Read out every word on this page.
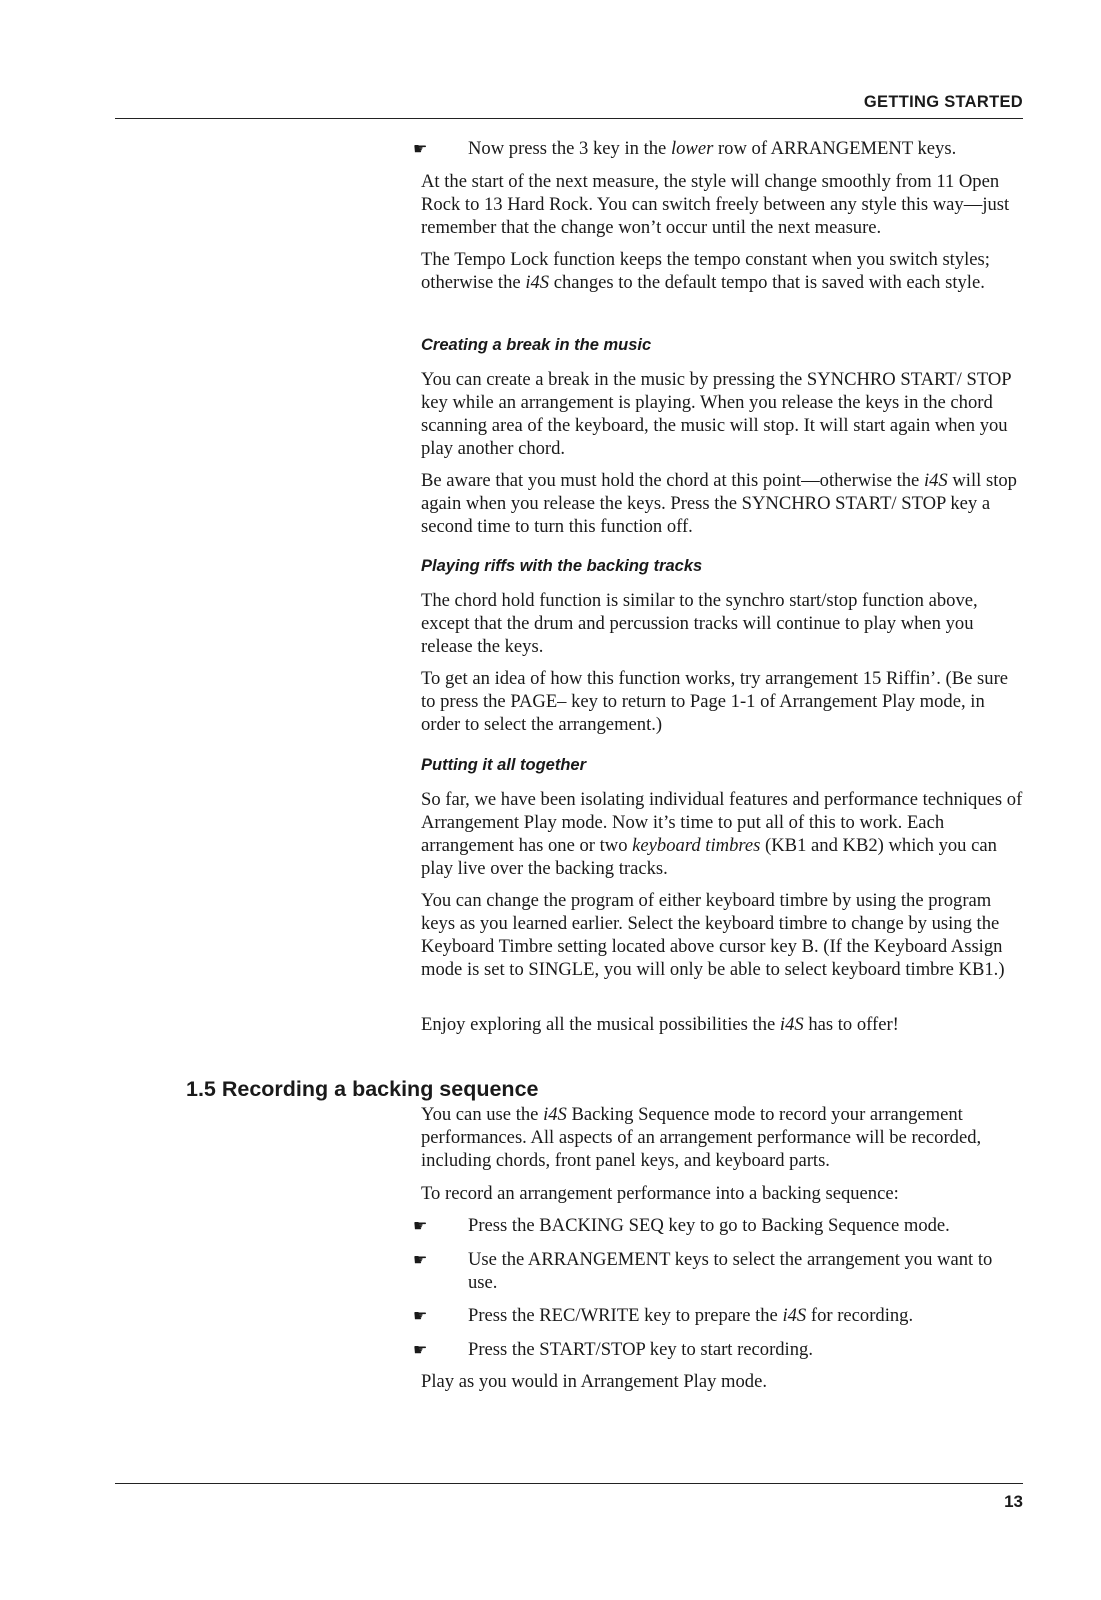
GETTING STARTED
☛	Now press the 3 key in the lower row of ARRANGEMENT keys.

At the start of the next measure, the style will change smoothly from 11 Open Rock to 13 Hard Rock. You can switch freely between any style this way—just remember that the change won’t occur until the next measure.

The Tempo Lock function keeps the tempo constant when you switch styles; otherwise the i4S changes to the default tempo that is saved with each style.

Creating a break in the music

You can create a break in the music by pressing the SYNCHRO START/ STOP key while an arrangement is playing. When you release the keys in the chord scanning area of the keyboard, the music will stop. It will start again when you play another chord.

Be aware that you must hold the chord at this point—otherwise the i4S will stop again when you release the keys. Press the SYNCHRO START/ STOP key a second time to turn this function off.

Playing riffs with the backing tracks

The chord hold function is similar to the synchro start/stop function above, except that the drum and percussion tracks will continue to play when you release the keys.

To get an idea of how this function works, try arrangement 15 Riffin’. (Be sure to press the PAGE– key to return to Page 1-1 of Arrangement Play mode, in order to select the arrangement.)

Putting it all together

So far, we have been isolating individual features and performance techniques of Arrangement Play mode. Now it’s time to put all of this to work. Each arrangement has one or two keyboard timbres (KB1 and KB2) which you can play live over the backing tracks.

You can change the program of either keyboard timbre by using the program keys as you learned earlier. Select the keyboard timbre to change by using the Keyboard Timbre setting located above cursor key B. (If the Keyboard Assign mode is set to SINGLE, you will only be able to select keyboard timbre KB1.)

Enjoy exploring all the musical possibilities the i4S has to offer!

1.5 Recording a backing sequence

You can use the i4S Backing Sequence mode to record your arrangement performances. All aspects of an arrangement performance will be recorded, including chords, front panel keys, and keyboard parts.

To record an arrangement performance into a backing sequence:

☛	Press the BACKING SEQ key to go to Backing Sequence mode.
☛	Use the ARRANGEMENT keys to select the arrangement you want to use.
☛	Press the REC/WRITE key to prepare the i4S for recording.
☛	Press the START/STOP key to start recording.

Play as you would in Arrangement Play mode.

13
